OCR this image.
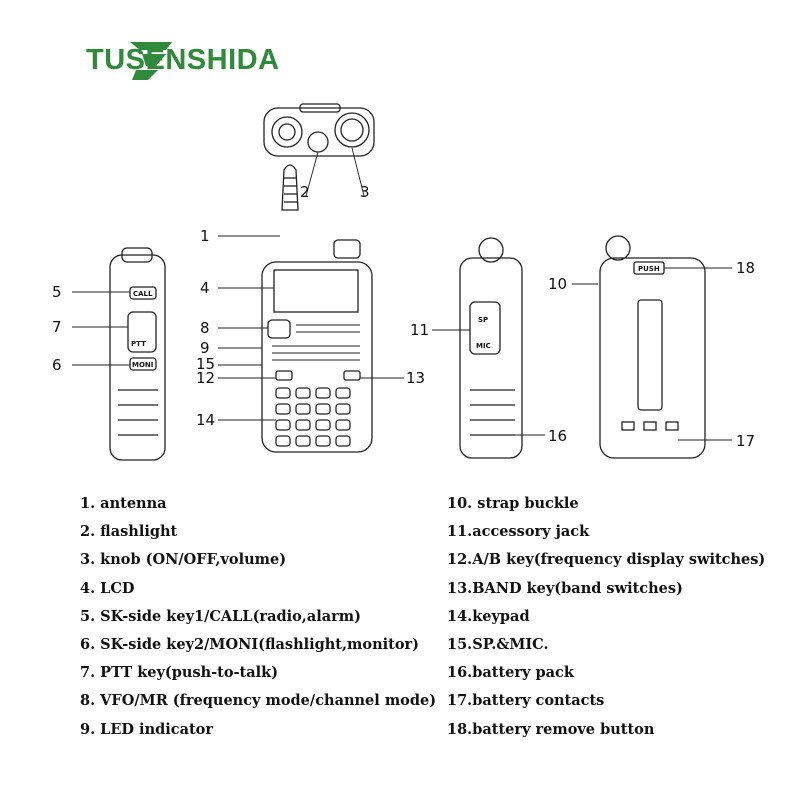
TUSENSHIDA
CALL
PTT
MONI
SP
MIC
PUSH
1
2	3
4
5
7
6
8
9
15
12	13
14
10
11
16	17
18
1. antenna
2. flashlight
3. knob (ON/OFF,volume)
4. LCD
5. SK-side key1/CALL(radio,alarm)
6. SK-side key2/MONI(flashlight,monitor)
7. PTT key(push-to-talk)
8. VFO/MR (frequency mode/channel mode)
9. LED indicator
10. strap buckle
11.accessory jack
12.A/B key(frequency display switches)
13.BAND key(band switches)
14.keypad
15.SP.&MIC.
16.battery pack
17.battery contacts
18.battery remove button
